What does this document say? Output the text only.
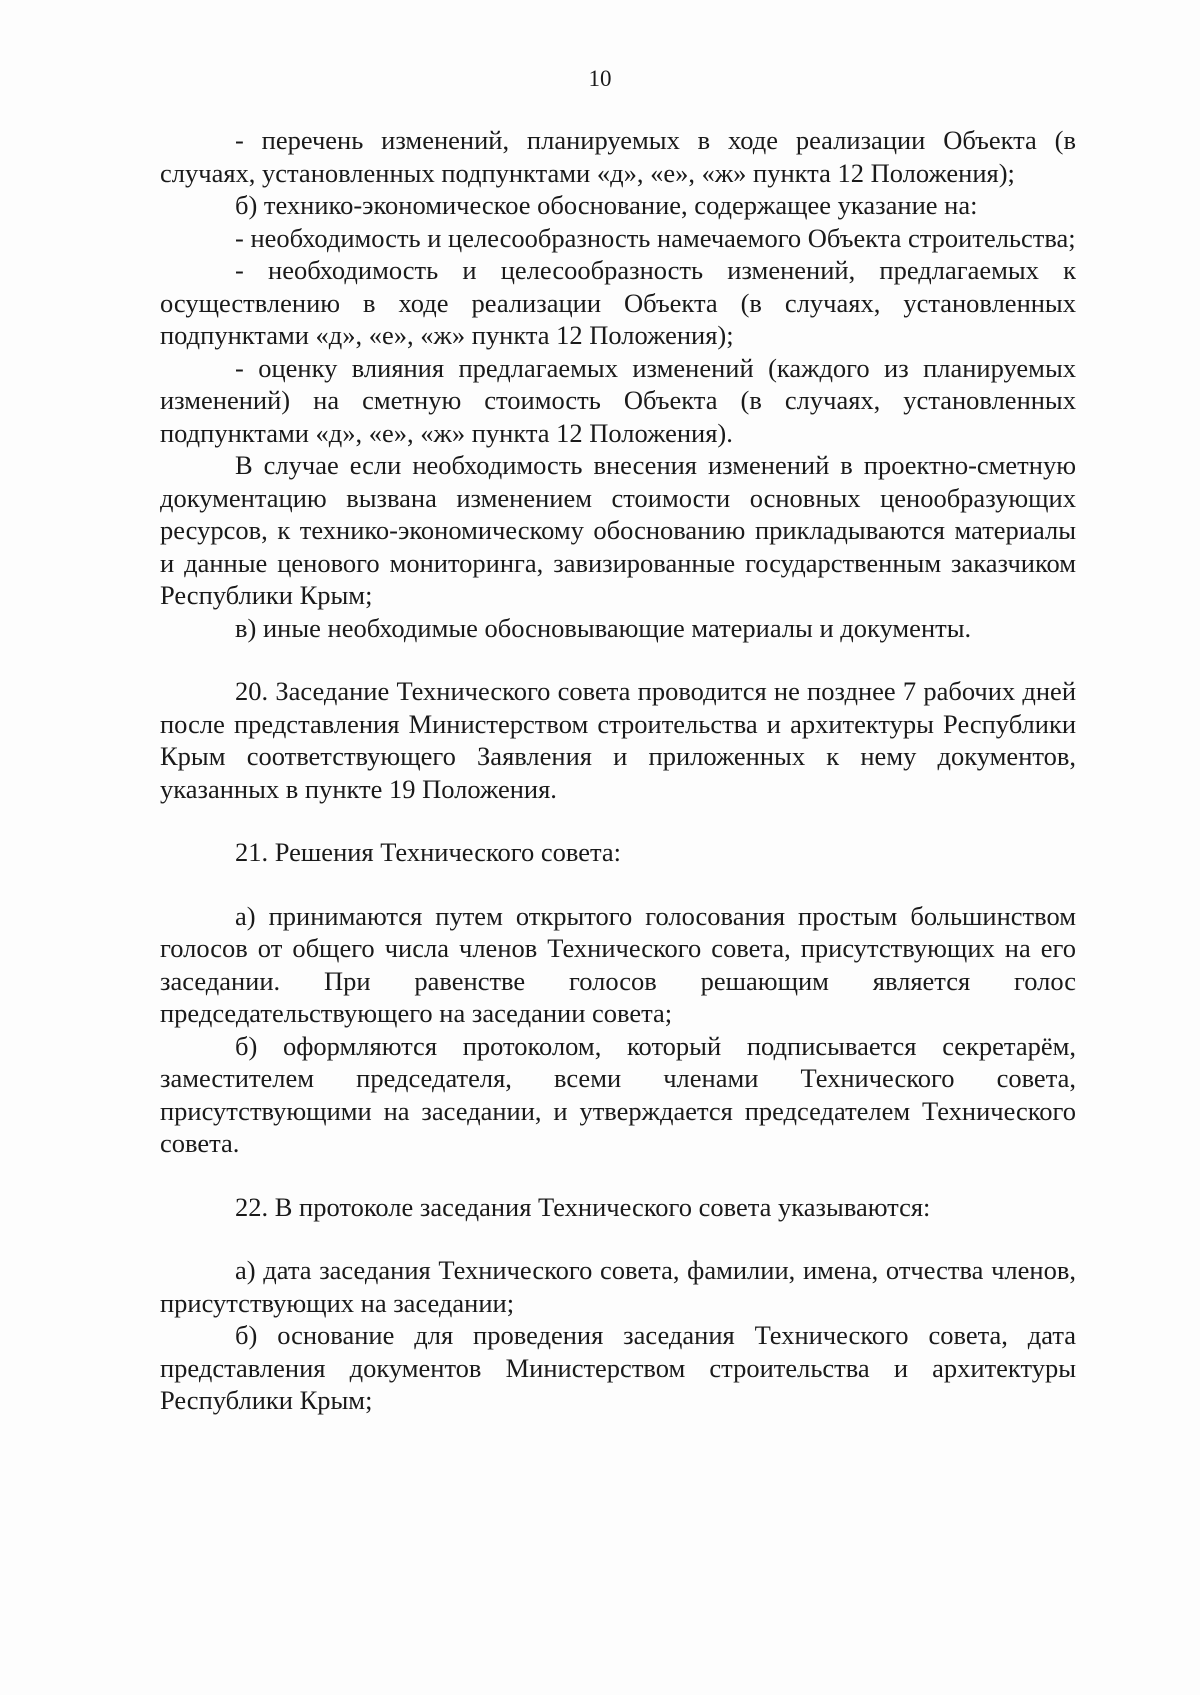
10

- перечень изменений, планируемых в ходе реализации Объекта (в случаях, установленных подпунктами «д», «е», «ж» пункта 12 Положения);

б) технико-экономическое обоснование, содержащее указание на:

- необходимость и целесообразность намечаемого Объекта строительства;

- необходимость и целесообразность изменений, предлагаемых к осуществлению в ходе реализации Объекта (в случаях, установленных подпунктами «д», «е», «ж» пункта 12 Положения);

- оценку влияния предлагаемых изменений (каждого из планируемых изменений) на сметную стоимость Объекта (в случаях, установленных подпунктами «д», «е», «ж» пункта 12 Положения).

В случае если необходимость внесения изменений в проектно-сметную документацию вызвана изменением стоимости основных ценообразующих ресурсов, к технико-экономическому обоснованию прикладываются материалы и данные ценового мониторинга, завизированные государственным заказчиком Республики Крым;

в) иные необходимые обосновывающие материалы и документы.

20. Заседание Технического совета проводится не позднее 7 рабочих дней после представления Министерством строительства и архитектуры Республики Крым соответствующего Заявления и приложенных к нему документов, указанных в пункте 19 Положения.

21. Решения Технического совета:

а) принимаются путем открытого голосования простым большинством голосов от общего числа членов Технического совета, присутствующих на его заседании. При равенстве голосов решающим является голос председательствующего на заседании совета;

б) оформляются протоколом, который подписывается секретарём, заместителем председателя, всеми членами Технического совета, присутствующими на заседании, и утверждается председателем Технического совета.

22. В протоколе заседания Технического совета указываются:

а) дата заседания Технического совета, фамилии, имена, отчества членов, присутствующих на заседании;

б) основание для проведения заседания Технического совета, дата представления документов Министерством строительства и архитектуры Республики Крым;
